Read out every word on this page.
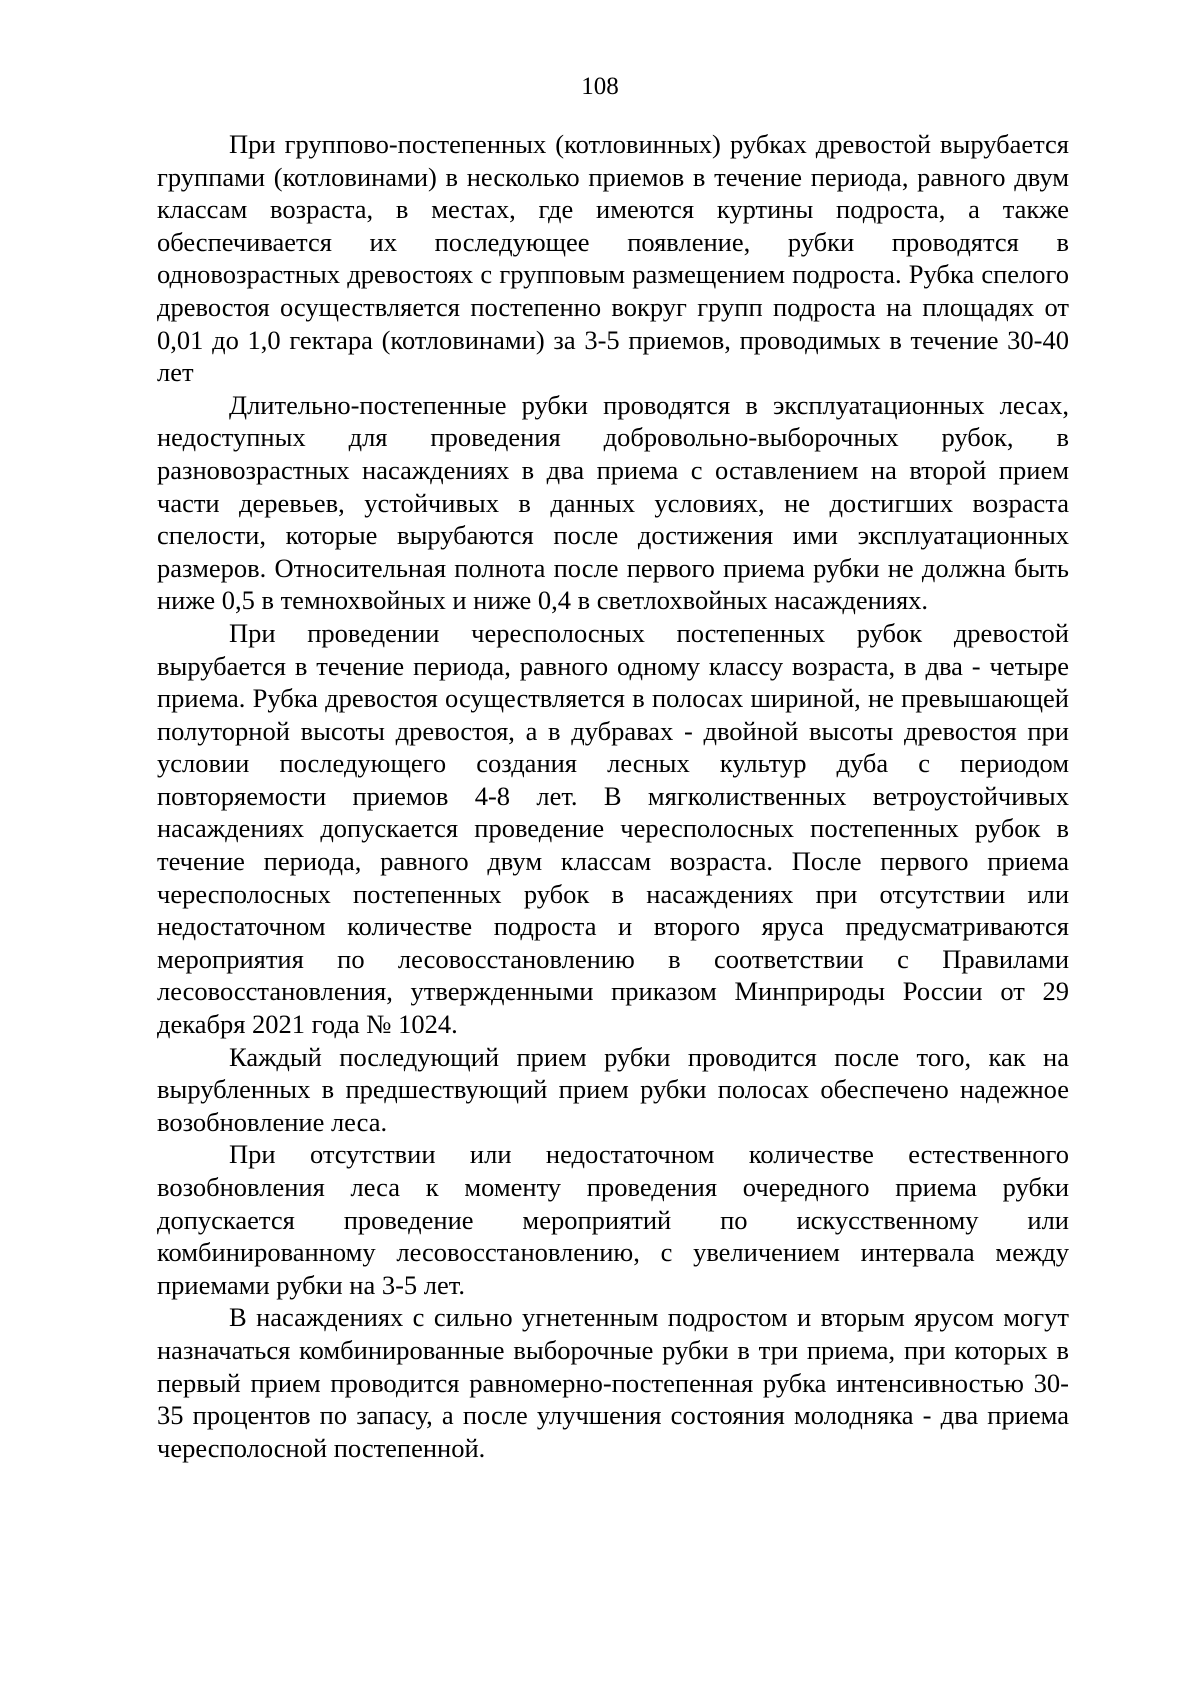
108

При группово-постепенных (котловинных) рубках древостой вырубается группами (котловинами) в несколько приемов в течение периода, равного двум классам возраста, в местах, где имеются куртины подроста, а также обеспечивается их последующее появление, рубки проводятся в одновозрастных древостоях с групповым размещением подроста. Рубка спелого древостоя осуществляется постепенно вокруг групп подроста на площадях от 0,01 до 1,0 гектара (котловинами) за 3-5 приемов, проводимых в течение 30-40 лет

Длительно-постепенные рубки проводятся в эксплуатационных лесах, недоступных для проведения добровольно-выборочных рубок, в разновозрастных насаждениях в два приема с оставлением на второй прием части деревьев, устойчивых в данных условиях, не достигших возраста спелости, которые вырубаются после достижения ими эксплуатационных размеров. Относительная полнота после первого приема рубки не должна быть ниже 0,5 в темнохвойных и ниже 0,4 в светлохвойных насаждениях.

При проведении чересполосных постепенных рубок древостой вырубается в течение периода, равного одному классу возраста, в два - четыре приема. Рубка древостоя осуществляется в полосах шириной, не превышающей полуторной высоты древостоя, а в дубравах - двойной высоты древостоя при условии последующего создания лесных культур дуба с периодом повторяемости приемов 4-8 лет. В мягколиственных ветроустойчивых насаждениях допускается проведение чересполосных постепенных рубок в течение периода, равного двум классам возраста. После первого приема чересполосных постепенных рубок в насаждениях при отсутствии или недостаточном количестве подроста и второго яруса предусматриваются мероприятия по лесовосстановлению в соответствии с Правилами лесовосстановления, утвержденными приказом Минприроды России от 29 декабря 2021 года № 1024.

Каждый последующий прием рубки проводится после того, как на вырубленных в предшествующий прием рубки полосах обеспечено надежное возобновление леса.

При отсутствии или недостаточном количестве естественного возобновления леса к моменту проведения очередного приема рубки допускается проведение мероприятий по искусственному или комбинированному лесовосстановлению, с увеличением интервала между приемами рубки на 3-5 лет.

В насаждениях с сильно угнетенным подростом и вторым ярусом могут назначаться комбинированные выборочные рубки в три приема, при которых в первый прием проводится равномерно-постепенная рубка интенсивностью 30-35 процентов по запасу, а после улучшения состояния молодняка - два приема чересполосной постепенной.
